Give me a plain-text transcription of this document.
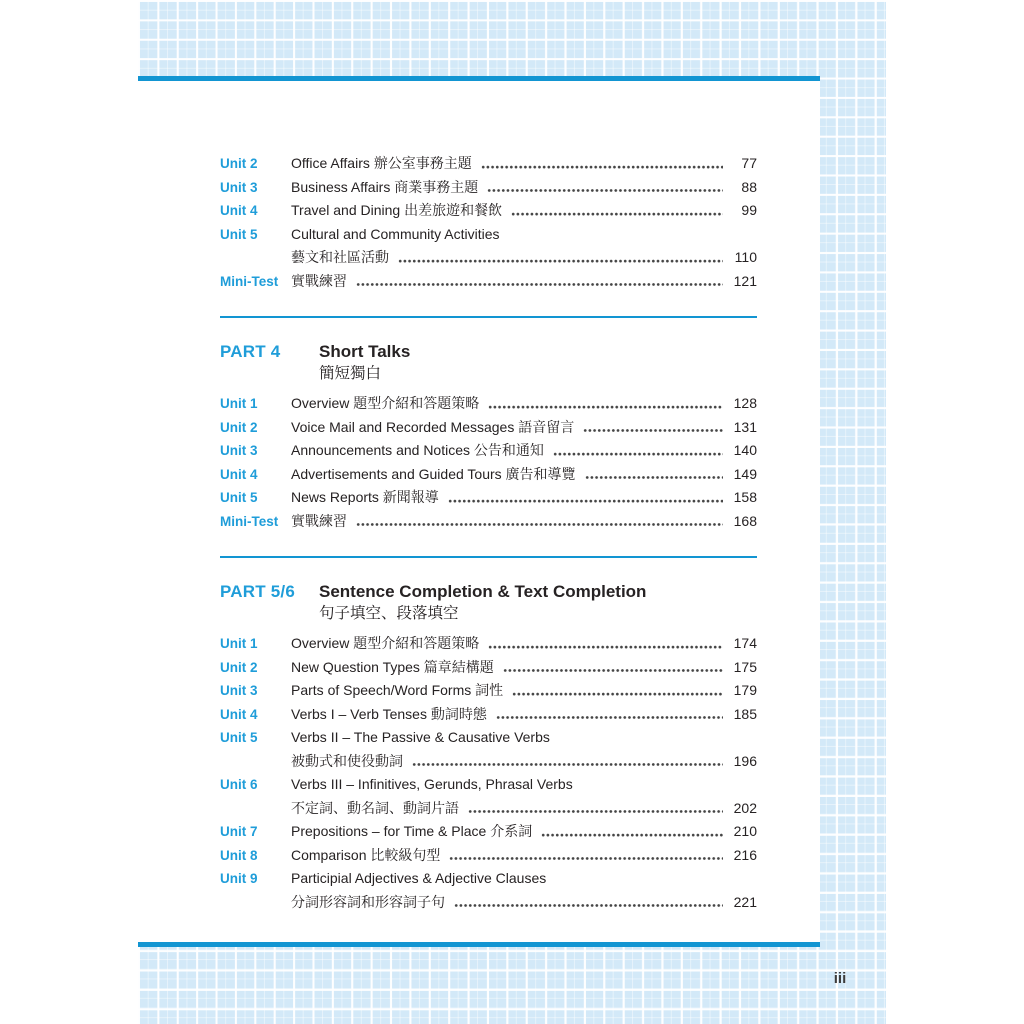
Unit 2	Office Affairs 辦公室事務主題	77
Unit 3	Business Affairs 商業事務主題	88
Unit 4	Travel and Dining 出差旅遊和餐飲	99
Unit 5	Cultural and Community Activities
藝文和社區活動	110
Mini-Test 實戰練習	121
PART 4	Short Talks
簡短獨白
Unit 1	Overview 題型介紹和答題策略	128
Unit 2	Voice Mail and Recorded Messages 語音留言	131
Unit 3	Announcements and Notices 公告和通知	140
Unit 4	Advertisements and Guided Tours 廣告和導覽	149
Unit 5	News Reports 新聞報導	158
Mini-Test 實戰練習	168
PART 5/6	Sentence Completion & Text Completion
句子填空、段落填空
Unit 1	Overview 題型介紹和答題策略	174
Unit 2	New Question Types 篇章結構題	175
Unit 3	Parts of Speech/Word Forms 詞性	179
Unit 4	Verbs I – Verb Tenses 動詞時態	185
Unit 5	Verbs II – The Passive & Causative Verbs
被動式和使役動詞	196
Unit 6	Verbs III – Infinitives, Gerunds, Phrasal Verbs
不定詞、動名詞、動詞片語	202
Unit 7	Prepositions – for Time & Place 介系詞	210
Unit 8	Comparison 比較級句型	216
Unit 9	Participial Adjectives & Adjective Clauses
分詞形容詞和形容詞子句	221
iii
